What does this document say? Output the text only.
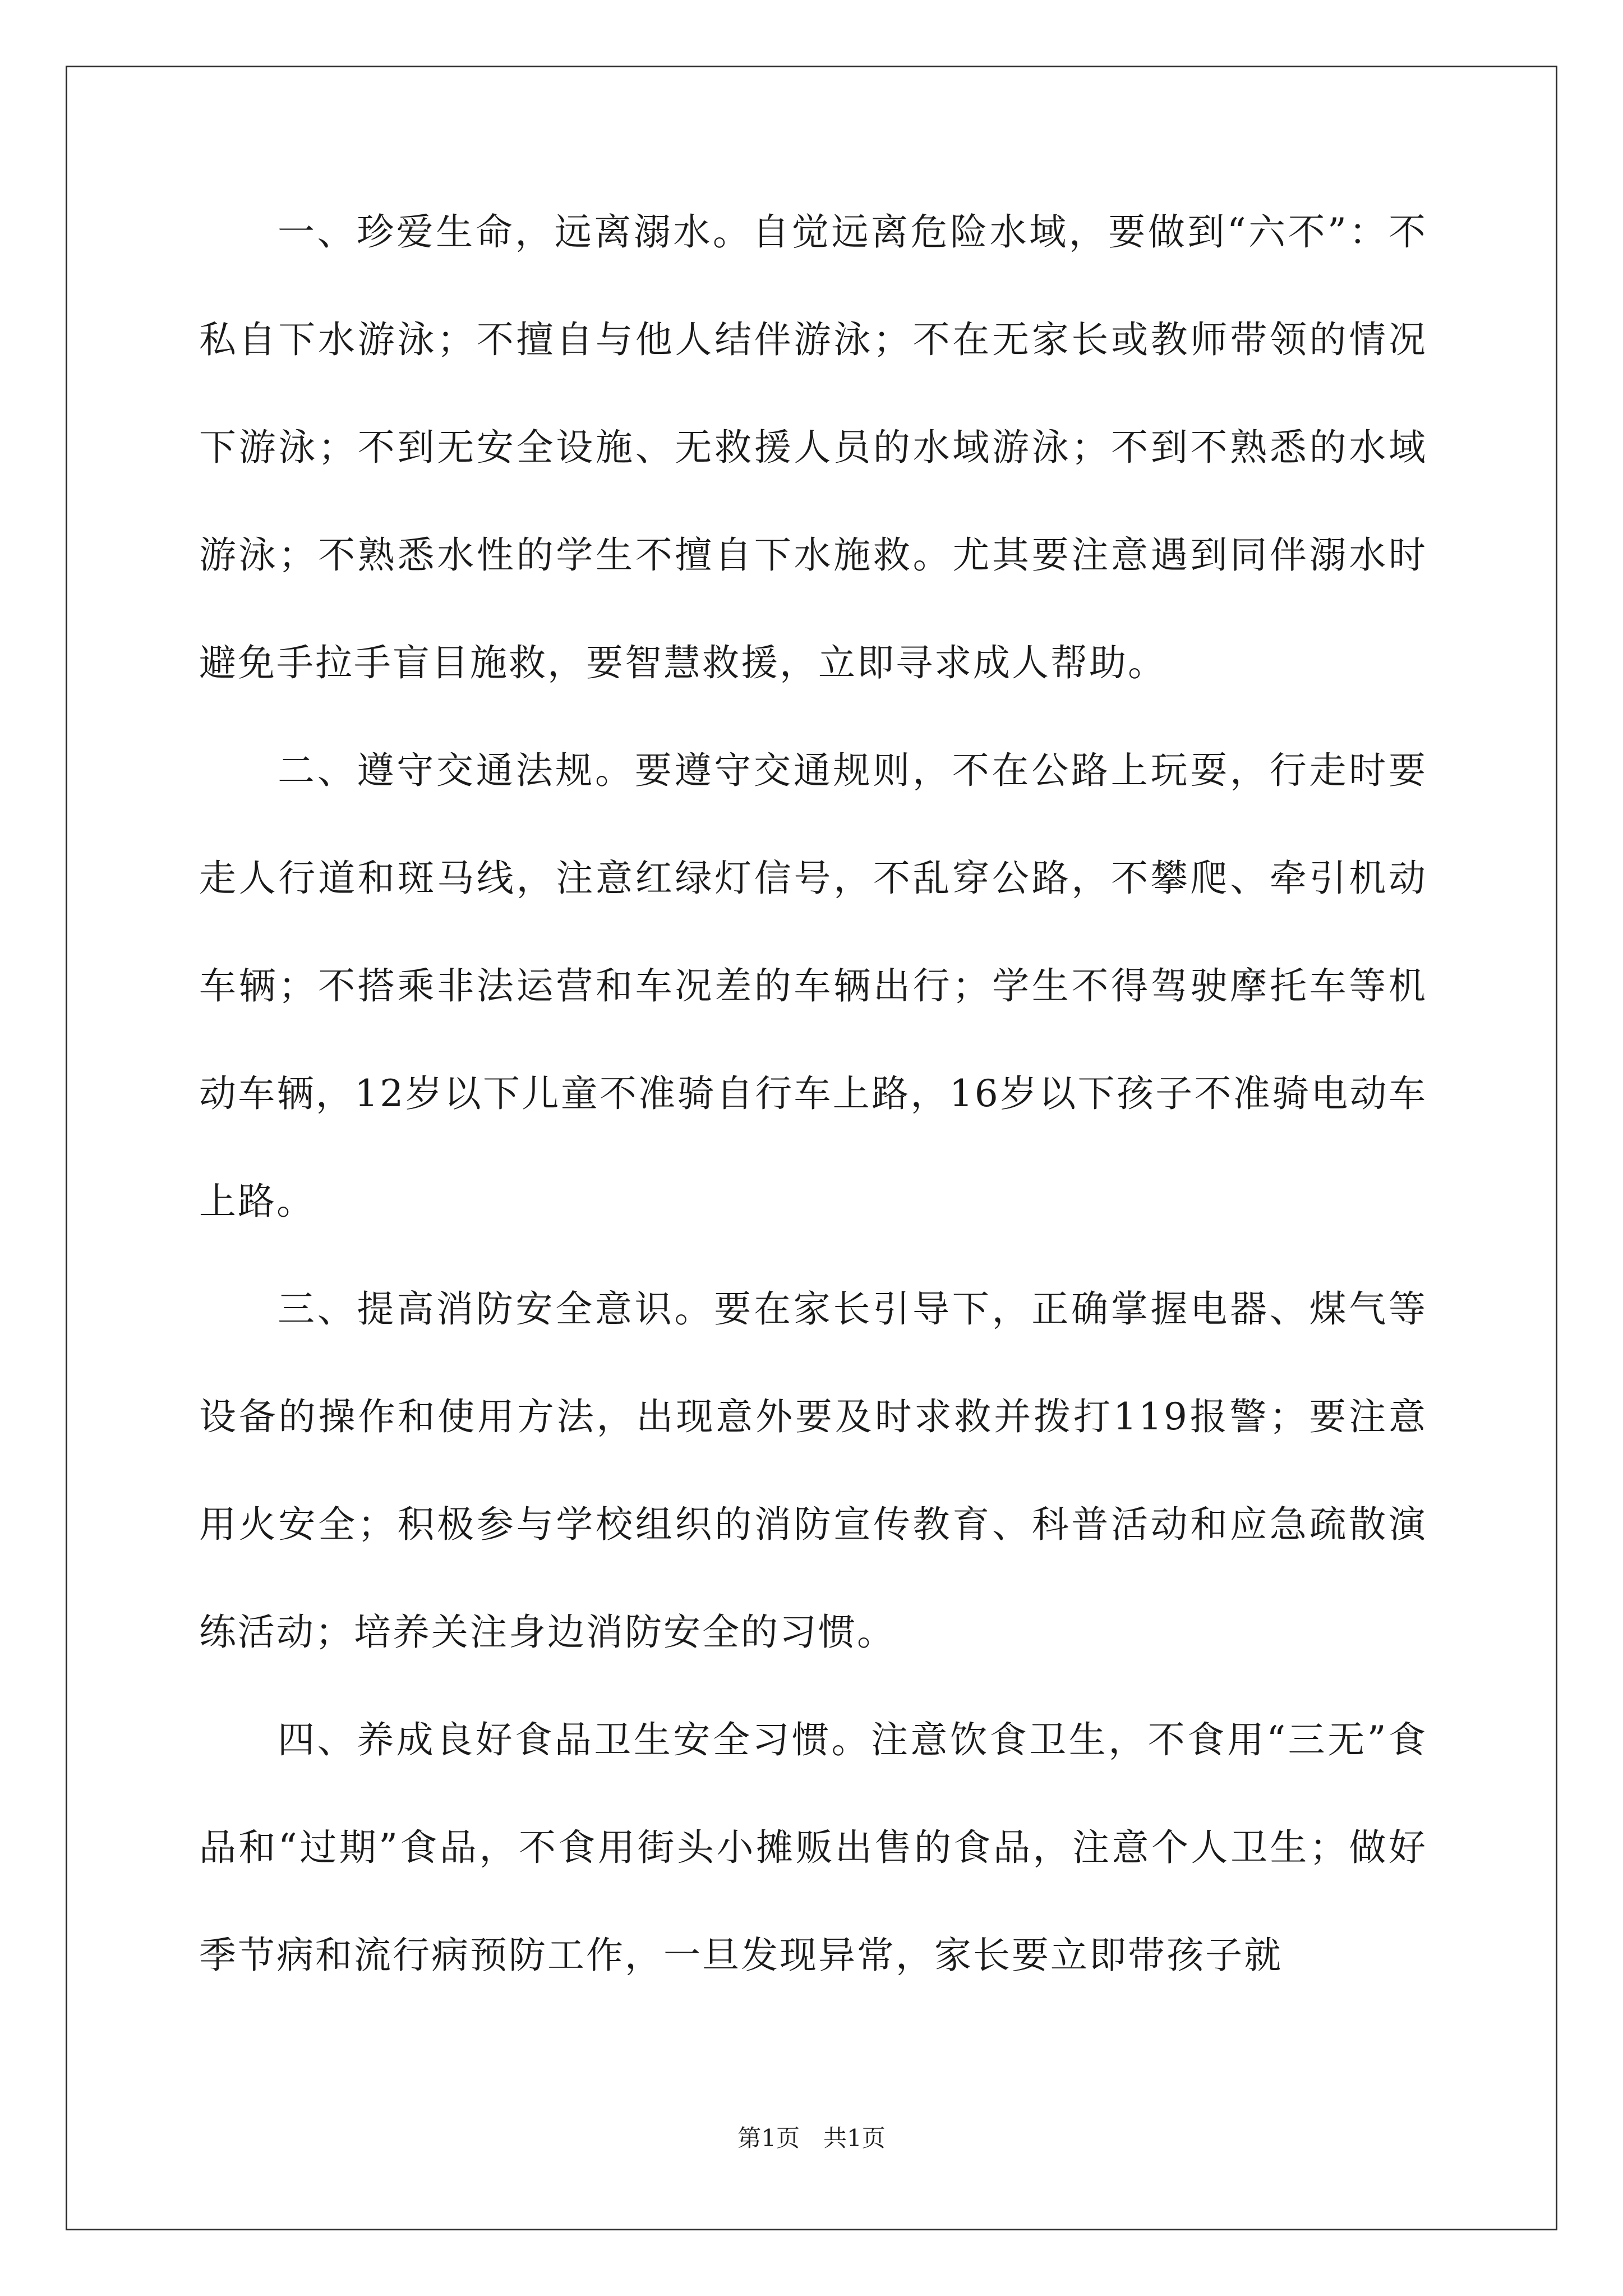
一、珍爱生命，远离溺水。自觉远离危险水域，要做到“六不”：不私自下水游泳；不擅自与他人结伴游泳；不在无家长或教师带领的情况下游泳；不到无安全设施、无救援人员的水域游泳；不到不熟悉的水域游泳；不熟悉水性的学生不擅自下水施救。尤其要注意遇到同伴溺水时避免手拉手盲目施救，要智慧救援，立即寻求成人帮助。

二、遵守交通法规。要遵守交通规则，不在公路上玩耍，行走时要走人行道和斑马线，注意红绿灯信号，不乱穿公路，不攀爬、牵引机动车辆；不搭乘非法运营和车况差的车辆出行；学生不得驾驶摩托车等机动车辆，12岁以下儿童不准骑自行车上路，16岁以下孩子不准骑电动车上路。

三、提高消防安全意识。要在家长引导下，正确掌握电器、煤气等设备的操作和使用方法，出现意外要及时求救并拨打119报警；要注意用火安全；积极参与学校组织的消防宣传教育、科普活动和应急疏散演练活动；培养关注身边消防安全的习惯。

四、养成良好食品卫生安全习惯。注意饮食卫生，不食用“三无”食品和“过期”食品，不食用街头小摊贩出售的食品，注意个人卫生；做好季节病和流行病预防工作，一旦发现异常，家长要立即带孩子就

第1页 共1页
